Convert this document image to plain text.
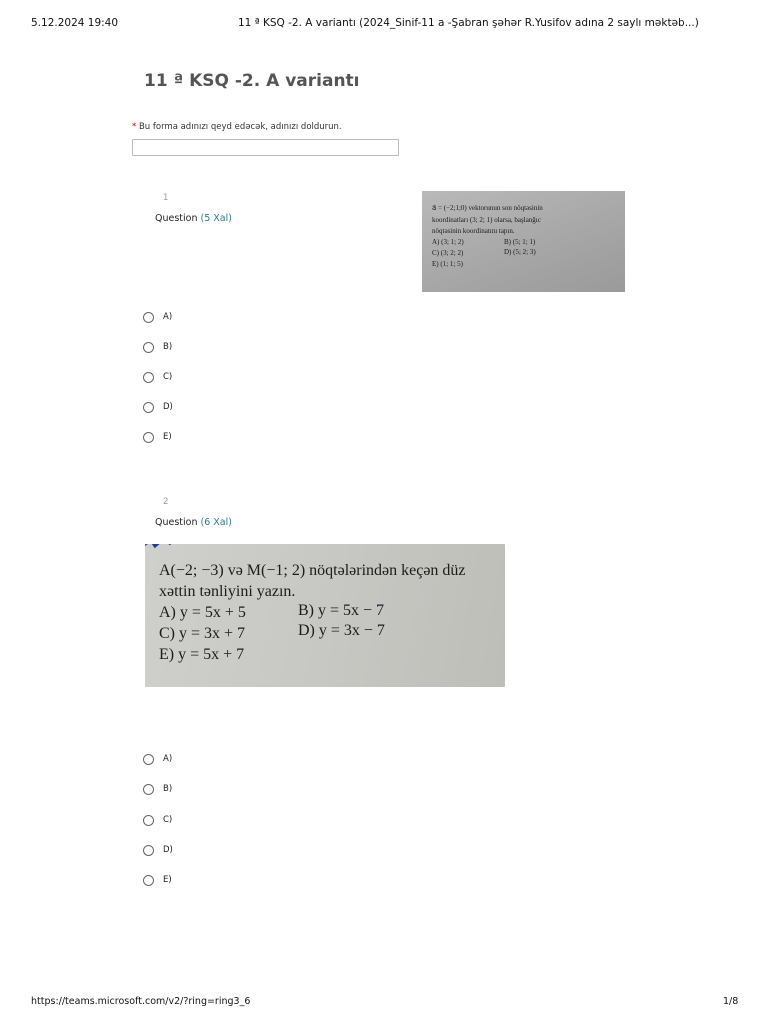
5.12.2024 19:40	11 ª KSQ -2. A variantı (2024_Sinif-11 a -Şabran şəhər R.Yusifov adına 2 saylı məktəb...)
11 ª KSQ -2. A variantı
* Bu forma adınızı qeyd edəcək, adınızı doldurun.
1
Question (5 Xal)
a⃗ = (−2;1;0) vektorunun son nöqtəsinin
koordinatları (3; 2; 1) olarsa, başlanğıc
nöqtəsinin koordinatını tapın.
A) (3; 1; 2)	B) (5; 1; 1)
C) (3; 2; 2)	D) (5; 2; 3)
E) (1; 1; 5)
A)
B)
C)
D)
E)
2
Question (6 Xal)
A(−2; −3) və M(−1; 2) nöqtələrindən keçən düz
xəttin tənliyini yazın.
A) y = 5x + 5	B) y = 5x − 7
C) y = 3x + 7	D) y = 3x − 7
E) y = 5x + 7
A)
B)
C)
D)
E)
https://teams.microsoft.com/v2/?ring=ring3_6	1/8
